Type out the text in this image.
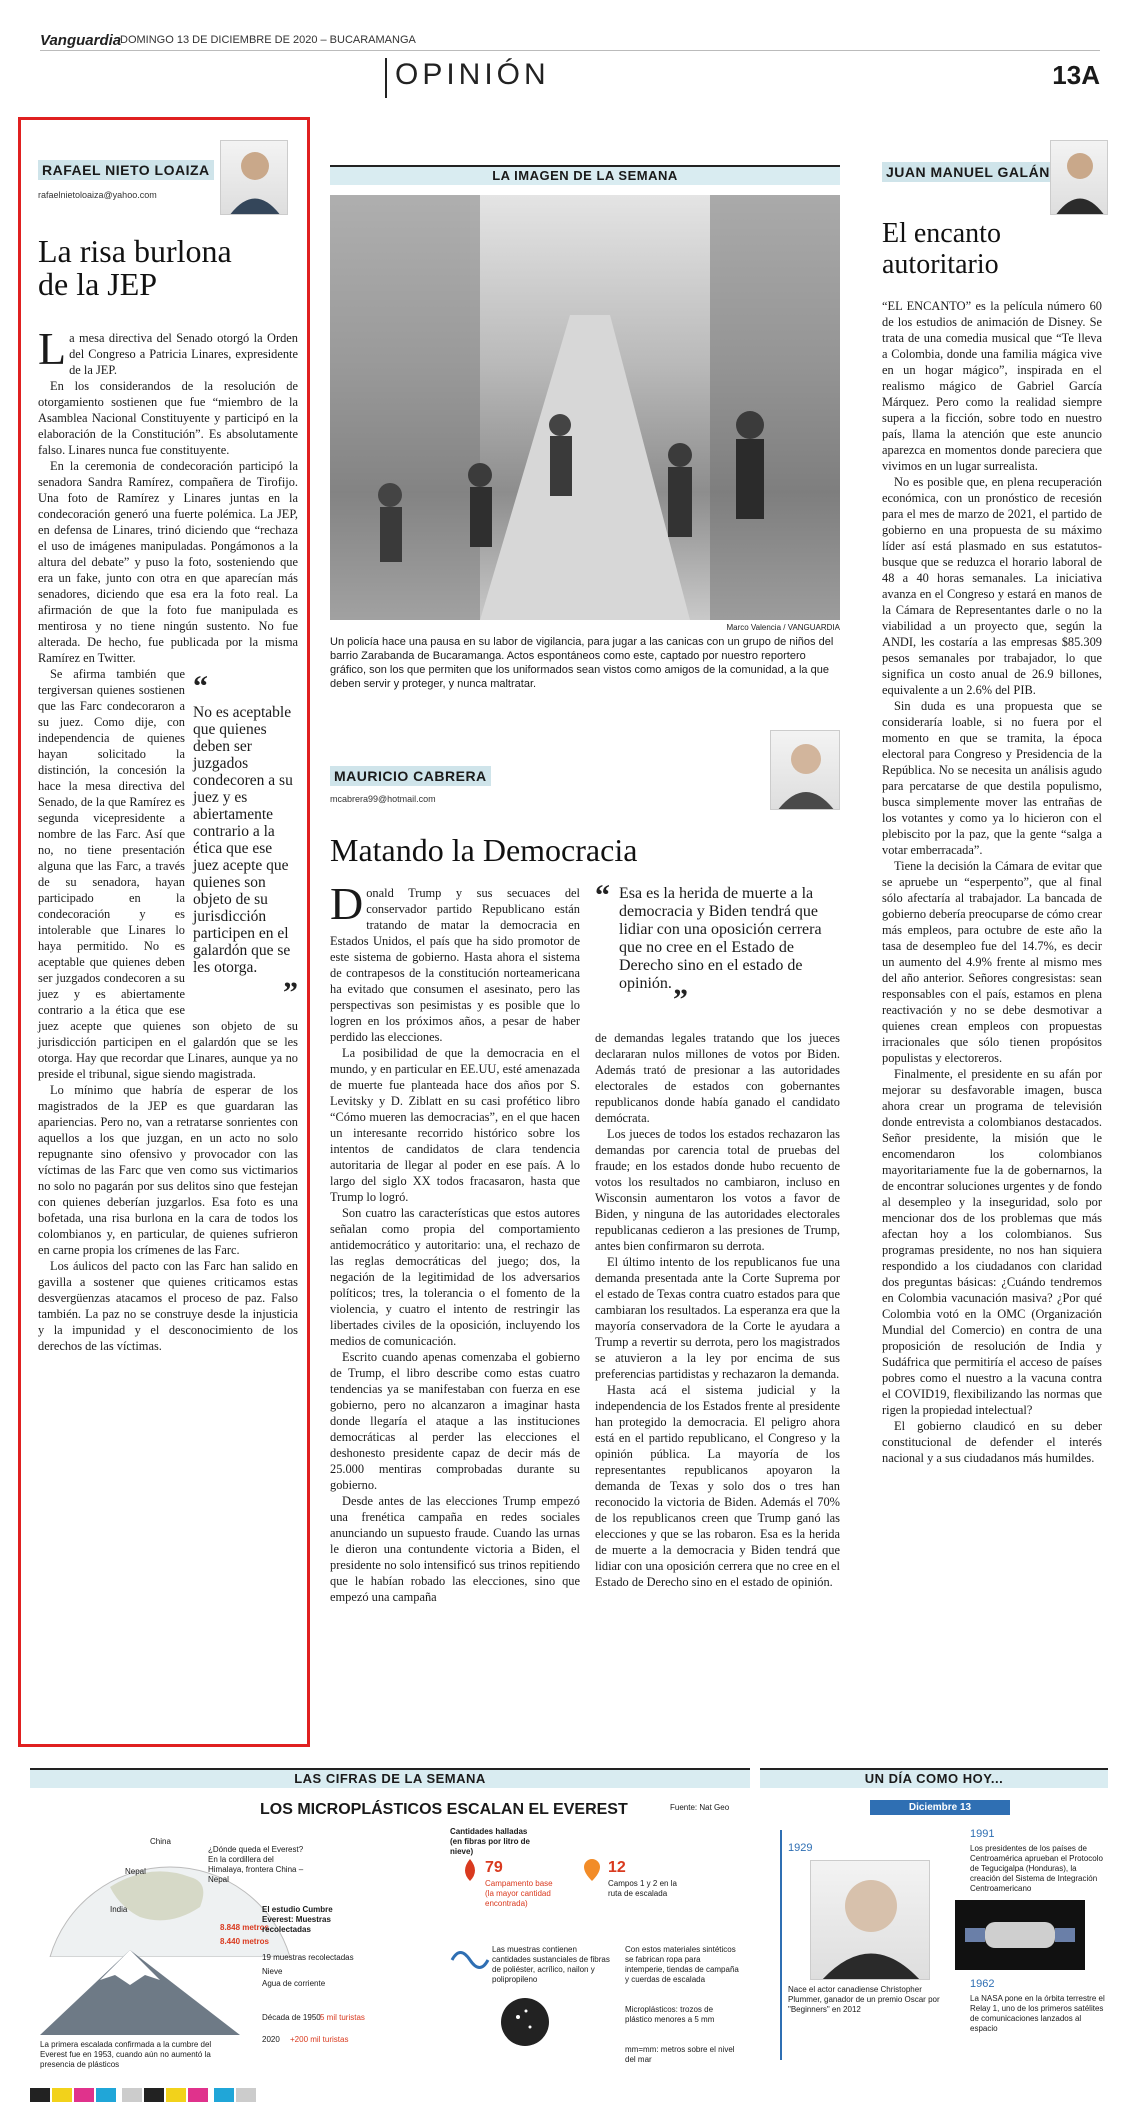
Vanguardia
DOMINGO 13 DE DICIEMBRE DE 2020 – BUCARAMANGA
OPINIÓN	13A
RAFAEL NIETO LOAIZA
rafaelnietoloaiza@yahoo.com
La risa burlona
de la JEP

La mesa directiva del Senado otorgó la Orden del Congreso a Patricia Linares, expresidente de la JEP.

En los considerandos de la resolución de otorgamiento sostienen que fue “miembro de la Asamblea Nacional Constituyente y participó en la elaboración de la Constitución”. Es absolutamente falso. Linares nunca fue constituyente.

En la ceremonia de condecoración participó la senadora Sandra Ramírez, compañera de Tirofijo. Una foto de Ramírez y Linares juntas en la condecoración generó una fuerte polémica. La JEP, en defensa de Linares, trinó diciendo que “rechaza el uso de imágenes manipuladas. Pongámonos a la altura del debate” y puso la foto, sosteniendo que era un fake, junto con otra en que aparecían más senadores, diciendo que esa era la foto real. La afirmación de que la foto fue manipulada es mentirosa y no tiene ningún sustento. No fue alterada. De hecho, fue publicada por la misma Ramírez en Twitter.

“
No es aceptable que quienes deben ser juzgados condecoren a su juez y es abiertamente contrario a la ética que ese juez acepte que quienes son objeto de su jurisdicción participen en el galardón que se les otorga.
”

Se afirma también que tergiversan quienes sostienen que las Farc condecoraron a su juez. Como dije, con independencia de quienes hayan solicitado la distinción, la concesión la hace la mesa directiva del Senado, de la que Ramírez es segunda vicepresidente a nombre de las Farc. Así que no, no tiene presentación alguna que las Farc, a través de su senadora, hayan participado en la condecoración y es intolerable que Linares lo haya permitido. No es aceptable que quienes deben ser juzgados condecoren a su juez y es abiertamente contrario a la ética que ese juez acepte que quienes son objeto de su jurisdicción participen en el galardón que se les otorga. Hay que recordar que Linares, aunque ya no preside el tribunal, sigue siendo magistrada.

Lo mínimo que habría de esperar de los magistrados de la JEP es que guardaran las apariencias. Pero no, van a retratarse sonrientes con aquellos a los que juzgan, en un acto no solo repugnante sino ofensivo y provocador con las víctimas de las Farc que ven como sus victimarios no solo no pagarán por sus delitos sino que festejan con quienes deberían juzgarlos. Esa foto es una bofetada, una risa burlona en la cara de todos los colombianos y, en particular, de quienes sufrieron en carne propia los crímenes de las Farc.

Los áulicos del pacto con las Farc han salido en gavilla a sostener que quienes criticamos estas desvergüenzas atacamos el proceso de paz. Falso también. La paz no se construye desde la injusticia y la impunidad y el desconocimiento de los derechos de las víctimas.

LA IMAGEN DE LA SEMANA
Marco Valencia / VANGUARDIA
Un policía hace una pausa en su labor de vigilancia, para jugar a las canicas con un grupo de niños del barrio Zarabanda de Bucaramanga. Actos espontáneos como este, captado por nuestro reportero gráfico, son los que permiten que los uniformados sean vistos como amigos de la comunidad, a la que deben servir y proteger, y nunca maltratar.
MAURICIO CABRERA
mcabrera99@hotmail.com
Matando la Democracia

Donald Trump y sus secuaces del conservador partido Republicano están tratando de matar la democracia en Estados Unidos, el país que ha sido promotor de este sistema de gobierno. Hasta ahora el sistema de contrapesos de la constitución norteamericana ha evitado que consumen el asesinato, pero las perspectivas son pesimistas y es posible que lo logren en los próximos años, a pesar de haber perdido las elecciones.

La posibilidad de que la democracia en el mundo, y en particular en EE.UU, esté amenazada de muerte fue planteada hace dos años por S. Levitsky y D. Ziblatt en su casi profético libro “Cómo mueren las democracias”, en el que hacen un interesante recorrido histórico sobre los intentos de candidatos de clara tendencia autoritaria de llegar al poder en ese país. A lo largo del siglo XX todos fracasaron, hasta que Trump lo logró.

Son cuatro las características que estos autores señalan como propia del comportamiento antidemocrático y autoritario: una, el rechazo de las reglas democráticas del juego; dos, la negación de la legitimidad de los adversarios políticos; tres, la tolerancia o el fomento de la violencia, y cuatro el intento de restringir las libertades civiles de la oposición, incluyendo los medios de comunicación.

Escrito cuando apenas comenzaba el gobierno de Trump, el libro describe como estas cuatro tendencias ya se manifestaban con fuerza en ese gobierno, pero no alcanzaron a imaginar hasta donde llegaría el ataque a las instituciones democráticas al perder las elecciones el deshonesto presidente capaz de decir más de 25.000 mentiras comprobadas durante su gobierno.

Desde antes de las elecciones Trump empezó una frenética campaña en redes sociales anunciando un supuesto fraude. Cuando las urnas le dieron una contundente victoria a Biden, el presidente no solo intensificó sus trinos repitiendo que le habían robado las elecciones, sino que empezó una campaña

“ Esa es la herida de muerte a la democracia y Biden tendrá que lidiar con una oposición cerrera que no cree en el Estado de Derecho sino en el estado de opinión. ”

de demandas legales tratando que los jueces declararan nulos millones de votos por Biden. Además trató de presionar a las autoridades electorales de estados con gobernantes republicanos donde había ganado el candidato demócrata.

Los jueces de todos los estados rechazaron las demandas por carencia total de pruebas del fraude; en los estados donde hubo recuento de votos los resultados no cambiaron, incluso en Wisconsin aumentaron los votos a favor de Biden, y ninguna de las autoridades electorales republicanas cedieron a las presiones de Trump, antes bien confirmaron su derrota.

El último intento de los republicanos fue una demanda presentada ante la Corte Suprema por el estado de Texas contra cuatro estados para que cambiaran los resultados. La esperanza era que la mayoría conservadora de la Corte le ayudara a Trump a revertir su derrota, pero los magistrados se atuvieron a la ley por encima de sus preferencias partidistas y rechazaron la demanda.

Hasta acá el sistema judicial y la independencia de los Estados frente al presidente han protegido la democracia. El peligro ahora está en el partido republicano, el Congreso y la opinión pública. La mayoría de los representantes republicanos apoyaron la demanda de Texas y solo dos o tres han reconocido la victoria de Biden. Además el 70% de los republicanos creen que Trump ganó las elecciones y que se las robaron. Esa es la herida de muerte a la democracia y Biden tendrá que lidiar con una oposición cerrera que no cree en el Estado de Derecho sino en el estado de opinión.

JUAN MANUEL GALÁN
El encanto
autoritario

“EL ENCANTO” es la película número 60 de los estudios de animación de Disney. Se trata de una comedia musical que “Te lleva a Colombia, donde una familia mágica vive en un hogar mágico”, inspirada en el realismo mágico de Gabriel García Márquez. Pero como la realidad siempre supera a la ficción, sobre todo en nuestro país, llama la atención que este anuncio aparezca en momentos donde pareciera que vivimos en un lugar surrealista.

No es posible que, en plena recuperación económica, con un pronóstico de recesión para el mes de marzo de 2021, el partido de gobierno en una propuesta de su máximo líder así está plasmado en sus estatutos- busque que se reduzca el horario laboral de 48 a 40 horas semanales. La iniciativa avanza en el Congreso y estará en manos de la Cámara de Representantes darle o no la viabilidad a un proyecto que, según la ANDI, les costaría a las empresas $85.309 pesos semanales por trabajador, lo que significa un costo anual de 26.9 billones, equivalente a un 2.6% del PIB.

Sin duda es una propuesta que se consideraría loable, si no fuera por el momento en que se tramita, la época electoral para Congreso y Presidencia de la República. No se necesita un análisis agudo para percatarse de que destila populismo, busca simplemente mover las entrañas de los votantes y como ya lo hicieron con el plebiscito por la paz, que la gente “salga a votar emberracada”.

Tiene la decisión la Cámara de evitar que se apruebe un “esperpento”, que al final sólo afectaría al trabajador. La bancada de gobierno debería preocuparse de cómo crear más empleos, para octubre de este año la tasa de desempleo fue del 14.7%, es decir un aumento del 4.9% frente al mismo mes del año anterior. Señores congresistas: sean responsables con el país, estamos en plena reactivación y no se debe desmotivar a quienes crean empleos con propuestas irracionales que sólo tienen propósitos populistas y electoreros.

Finalmente, el presidente en su afán por mejorar su desfavorable imagen, busca ahora crear un programa de televisión donde entrevista a colombianos destacados. Señor presidente, la misión que le encomendaron los colombianos mayoritariamente fue la de gobernarnos, la de encontrar soluciones urgentes y de fondo al desempleo y la inseguridad, solo por mencionar dos de los problemas que más afectan hoy a los colombianos. Sus programas presidente, no nos han siquiera respondido a los ciudadanos con claridad dos preguntas básicas: ¿Cuándo tendremos en Colombia vacunación masiva? ¿Por qué Colombia votó en la OMC (Organización Mundial del Comercio) en contra de una proposición de resolución de India y Sudáfrica que permitiría el acceso de países pobres como el nuestro a la vacuna contra el COVID19, flexibilizando las normas que rigen la propiedad intelectual?

El gobierno claudicó en su deber constitucional de defender el interés nacional y a sus ciudadanos más humildes.

LAS CIFRAS DE LA SEMANA
LOS MICROPLÁSTICOS ESCALAN EL EVEREST	Fuente: Nat Geo
China
Nepal
India
¿Dónde queda el Everest? En la cordillera del Himalaya, frontera China – Nepal
La primera escalada confirmada a la cumbre del Everest fue en 1953, cuando aún no aumentó la presencia de plásticos
8.848 metros
8.440 metros
El estudio Cumbre Everest: Muestras recolectadas
19 muestras recolectadas
Nieve
Agua de corriente
Década de 1950 5 mil turistas
2020 +200 mil turistas
Cantidades halladas (en fibras por litro de nieve)
79
Campamento base (la mayor cantidad encontrada)
12
Campos 1 y 2 en la ruta de escalada
Las muestras contienen cantidades sustanciales de fibras de poliéster, acrílico, nailon y polipropileno
Con estos materiales sintéticos se fabrican ropa para intemperie, tiendas de campaña y cuerdas de escalada
Microplásticos: trozos de plástico menores a 5 mm
mm=mm: metros sobre el nivel del mar
UN DÍA COMO HOY...
Diciembre 13
1991
Los presidentes de los países de Centroamérica aprueban el Protocolo de Tegucigalpa (Honduras), la creación del Sistema de Integración Centroamericano
1929
Nace el actor canadiense Christopher Plummer, ganador de un premio Oscar por "Beginners" en 2012
1962
La NASA pone en la órbita terrestre el Relay 1, uno de los primeros satélites de comunicaciones lanzados al espacio
